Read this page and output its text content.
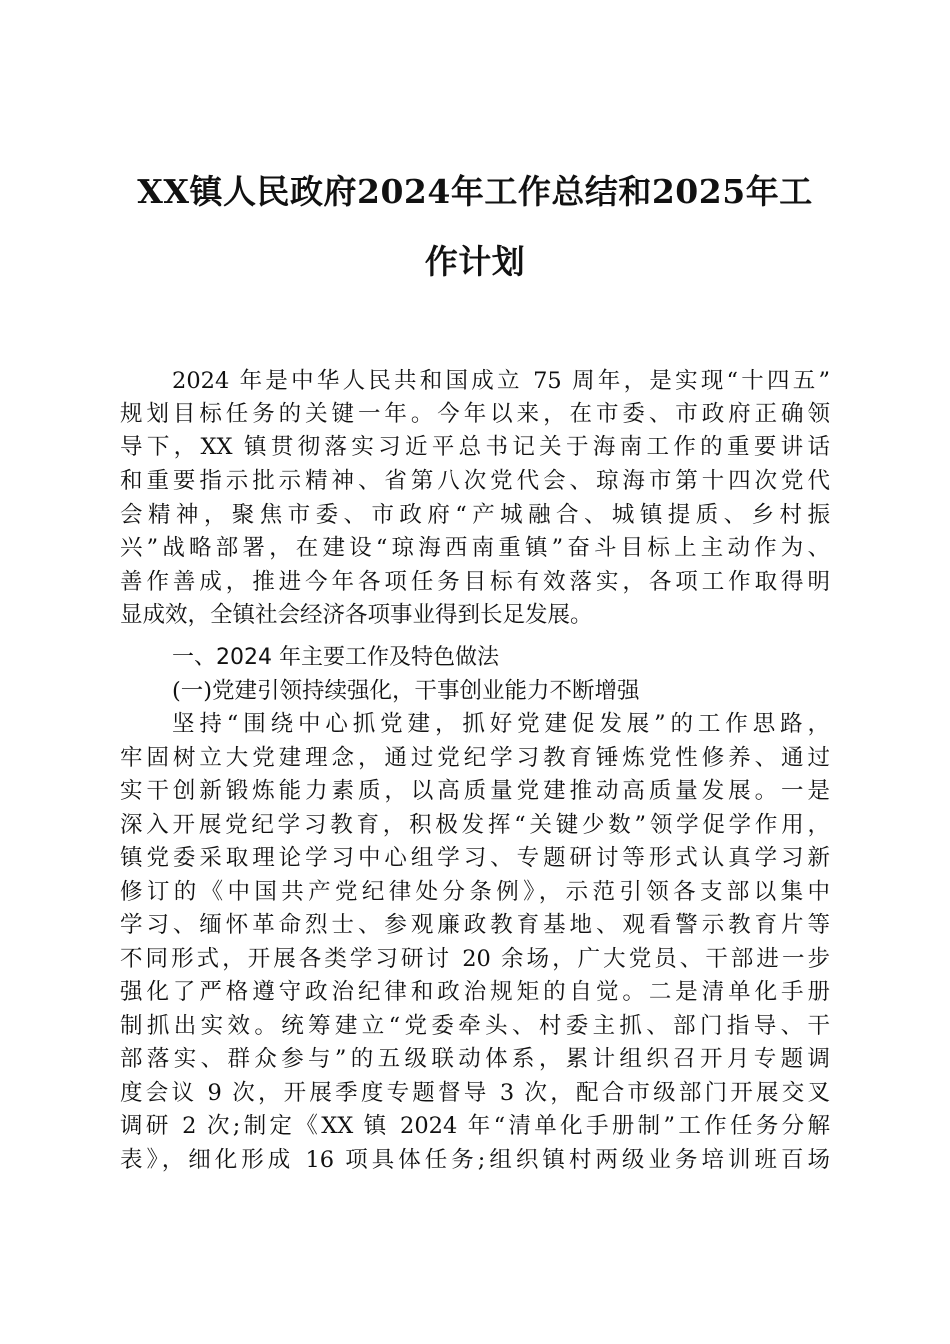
XX镇人民政府2024年工作总结和2025年工
作计划
2024 年是中华人民共和国成立 75 周年，是实现“十四五”
规划目标任务的关键一年。今年以来，在市委、市政府正确领
导下，XX 镇贯彻落实习近平总书记关于海南工作的重要讲话
和重要指示批示精神、省第八次党代会、琼海市第十四次党代
会精神，聚焦市委、市政府“产城融合、城镇提质、乡村振
兴”战略部署，在建设“琼海西南重镇”奋斗目标上主动作为、
善作善成，推进今年各项任务目标有效落实，各项工作取得明
显成效，全镇社会经济各项事业得到长足发展。
一、2024 年主要工作及特色做法
(一)党建引领持续强化，干事创业能力不断增强
坚持“围绕中心抓党建，抓好党建促发展”的工作思路，
牢固树立大党建理念，通过党纪学习教育锤炼党性修养、通过
实干创新锻炼能力素质，以高质量党建推动高质量发展。一是
深入开展党纪学习教育，积极发挥“关键少数”领学促学作用，
镇党委采取理论学习中心组学习、专题研讨等形式认真学习新
修订的《中国共产党纪律处分条例》，示范引领各支部以集中
学习、缅怀革命烈士、参观廉政教育基地、观看警示教育片等
不同形式，开展各类学习研讨 20 余场，广大党员、干部进一步
强化了严格遵守政治纪律和政治规矩的自觉。二是清单化手册
制抓出实效。统筹建立“党委牵头、村委主抓、部门指导、干
部落实、群众参与”的五级联动体系，累计组织召开月专题调
度会议 9 次，开展季度专题督导 3 次，配合市级部门开展交叉
调研 2 次;制定《XX 镇 2024 年“清单化手册制”工作任务分解
表》，细化形成 16 项具体任务;组织镇村两级业务培训班百场
